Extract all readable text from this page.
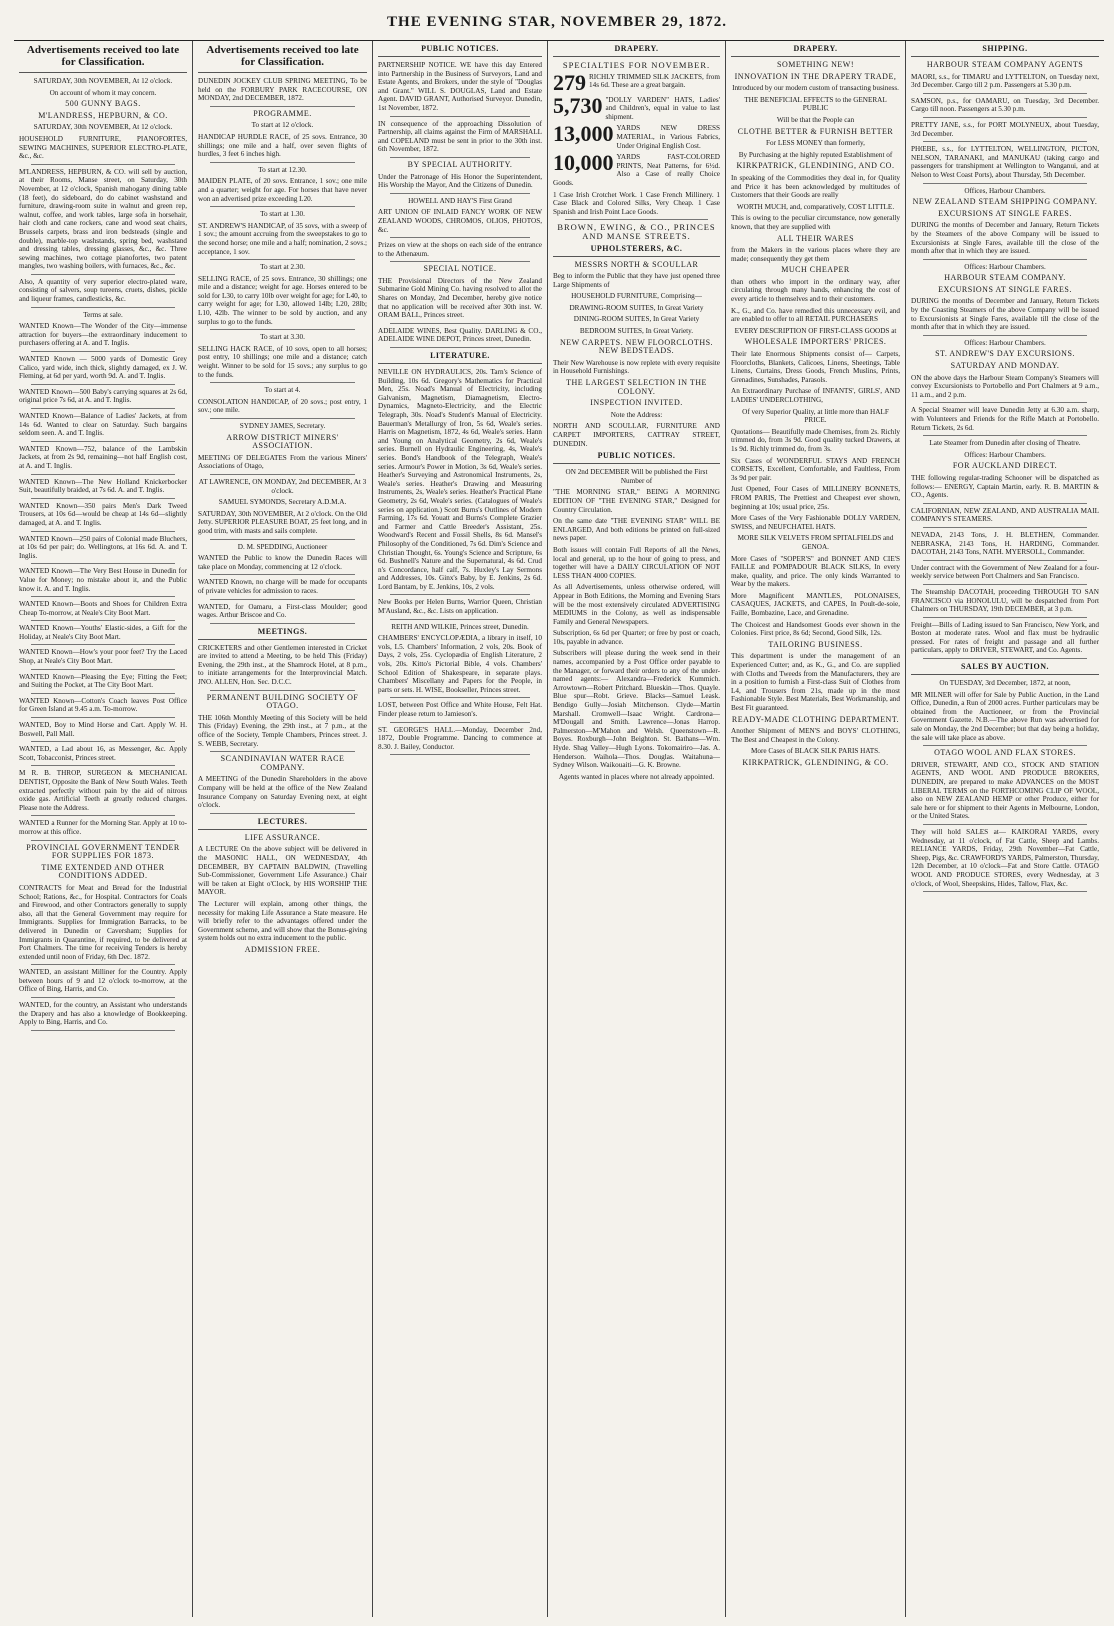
THE EVENING STAR, NOVEMBER 29, 1872.
Advertisements received too late for Classification.
SATURDAY, 30th NOVEMBER, At 12 o'clock.
On account of whom it may concern.
500 GUNNY BAGS.
M'LANDRESS, HEPBURN, & CO.
SATURDAY, 30th NOVEMBER, At 12 o'clock.
HOUSEHOLD FURNITURE, PIANOFORTES, SEWING MACHINES, SUPERIOR ELECTRO-PLATE, &c., &c.
M'LANDRESS, HEPBURN, & CO. will sell by auction, at their Rooms, Manse street, on Saturday, 30th November, at 12 o'clock, Spanish mahogany dining table (18 feet), do sideboard, do do cabinet washstand and furniture, drawing-room suite in walnut and green rep, walnut, coffee, and work tables, large sofa in horsehair, hair cloth and cane rockers, cane and wood seat chairs, Brussels carpets, brass and iron bedsteads (single and double), marble-top washstands, spring bed, washstand and dressing tables, dressing glasses, &c., &c. Three sewing machines, two cottage pianofortes, two patent mangles, two washing boilers, with furnaces, &c., &c.
Also, A quantity of very superior electro-plated ware, consisting of salvers, soup tureens, cruets, dishes, pickle and liqueur frames, candlesticks, &c.
Terms at sale.
WANTED Known—The Wonder of the City—immense attraction for buyers—the extraordinary inducement to purchasers offering at A. and T. Inglis.
WANTED Known — 5000 yards of Domestic Grey Calico, yard wide, inch thick, slightly damaged, ex J. W. Fleming, at 6d per yard, worth 9d. A. and T. Inglis.
WANTED Known—500 Baby's carrying squares at 2s 6d, original price 7s 6d, at A. and T. Inglis.
WANTED Known—Balance of Ladies' Jackets, at from 14s 6d. Wanted to clear on Saturday. Such bargains seldom seen. A. and T. Inglis.
WANTED Known—752, balance of the Lambskin Jackets, at from 2s 9d, remaining—not half English cost, at A. and T. Inglis.
WANTED Known—The New Holland Knickerbocker Suit, beautifully braided, at 7s 6d. A. and T. Inglis.
WANTED Known—350 pairs Men's Dark Tweed Trousers, at 10s 6d—would be cheap at 14s 6d—slightly damaged, at A. and T. Inglis.
WANTED Known—250 pairs of Colonial made Bluchers, at 10s 6d per pair; do. Wellingtons, at 16s 6d. A. and T. Inglis.
WANTED Known—The Very Best House in Dunedin for Value for Money; no mistake about it, and the Public know it. A. and T. Inglis.
WANTED Known—Boots and Shoes for Children Extra Cheap To-morrow, at Neale's City Boot Mart.
WANTED Known—Youths' Elastic-sides, a Gift for the Holiday, at Neale's City Boot Mart.
WANTED Known—How's your poor feet? Try the Laced Shop, at Neale's City Boot Mart.
WANTED Known—Pleasing the Eye; Fitting the Feet; and Suiting the Pocket, at The City Boot Mart.
WANTED Known—Cotton's Coach leaves Post Office for Green Island at 9.45 a.m. To-morrow.
WANTED, Boy to Mind Horse and Cart. Apply W. H. Boswell, Pall Mall.
WANTED, a Lad about 16, as Messenger, &c. Apply Scott, Tobacconist, Princes street.
M R. B. THROP, SURGEON & MECHANICAL DENTIST, Opposite the Bank of New South Wales. Teeth extracted perfectly without pain by the aid of nitrous oxide gas. Artificial Teeth at greatly reduced charges. Please note the Address.
WANTED a Runner for the Morning Star. Apply at 10 to-morrow at this office.
PROVINCIAL GOVERNMENT TENDER FOR SUPPLIES FOR 1873.
TIME EXTENDED AND OTHER CONDITIONS ADDED.
CONTRACTS for Meat and Bread for the Industrial School; Rations, &c., for Hospital. Contractors for Coals and Firewood, and other Contractors generally to supply also, all that the General Government may require for Immigrants. Supplies for Immigration Barracks, to be delivered in Dunedin or Caversham; Supplies for Immigrants in Quarantine, if required, to be delivered at Port Chalmers. The time for receiving Tenders is hereby extended until noon of Friday, 6th Dec. 1872.
WANTED, an assistant Milliner for the Country. Apply between hours of 9 and 12 o'clock to-morrow, at the Office of Bing, Harris, and Co.
WANTED, for the country, an Assistant who understands the Drapery and has also a knowledge of Bookkeeping. Apply to Bing, Harris, and Co.
Advertisements received too late for Classification.
DUNEDIN JOCKEY CLUB SPRING MEETING, To be held on the FORBURY PARK RACECOURSE, ON MONDAY, 2nd DECEMBER, 1872.
PROGRAMME.
To start at 12 o'clock.
HANDICAP HURDLE RACE, of 25 sovs. Entrance, 30 shillings; one mile and a half, over seven flights of hurdles, 3 feet 6 inches high.
To start at 12.30.
MAIDEN PLATE, of 20 sovs. Entrance, 1 sov.; one mile and a quarter; weight for age. For horses that have never won an advertised prize exceeding L20.
To start at 1.30.
ST. ANDREW'S HANDICAP, of 35 sovs, with a sweep of 1 sov.; the amount accruing from the sweepstakes to go to the second horse; one mile and a half; nomination, 2 sovs.; acceptance, 1 sov.
To start at 2.30.
SELLING RACE, of 25 sovs. Entrance, 30 shillings; one mile and a distance; weight for age. Horses entered to be sold for L30, to carry 10lb over weight for age; for L40, to carry weight for age; for L30, allowed 14lb; L20, 28lb; L10, 42lb. The winner to be sold by auction, and any surplus to go to the funds.
To start at 3.30.
SELLING HACK RACE, of 10 sovs, open to all horses; post entry, 10 shillings; one mile and a distance; catch weight. Winner to be sold for 15 sovs.; any surplus to go to the funds.
To start at 4.
CONSOLATION HANDICAP, of 20 sovs.; post entry, 1 sov.; one mile.
SYDNEY JAMES, Secretary.
ARROW DISTRICT MINERS' ASSOCIATION.
MEETING OF DELEGATES From the various Miners' Associations of Otago,
AT LAWRENCE, ON MONDAY, 2nd DECEMBER, At 3 o'clock.
SAMUEL SYMONDS, Secretary A.D.M.A.
SATURDAY, 30th NOVEMBER, At 2 o'clock. On the Old Jetty. SUPERIOR PLEASURE BOAT, 25 feet long, and in good trim, with masts and sails complete.
D. M. SPEDDING, Auctioneer
WANTED the Public to know the Dunedin Races will take place on Monday, commencing at 12 o'clock.
WANTED Known, no charge will be made for occupants of private vehicles for admission to races.
WANTED, for Oamaru, a First-class Moulder; good wages. Arthur Briscoe and Co.
MEETINGS.
CRICKETERS and other Gentlemen interested in Cricket are invited to attend a Meeting, to be held This (Friday) Evening, the 29th inst., at the Shamrock Hotel, at 8 p.m., to initiate arrangements for the Interprovincial Match. JNO. ALLEN, Hon. Sec. D.C.C.
PERMANENT BUILDING SOCIETY OF OTAGO.
THE 106th Monthly Meeting of this Society will be held This (Friday) Evening, the 29th inst., at 7 p.m., at the office of the Society, Temple Chambers, Princes street. J. S. WEBB, Secretary.
SCANDINAVIAN WATER RACE COMPANY.
A MEETING of the Dunedin Shareholders in the above Company will be held at the office of the New Zealand Insurance Company on Saturday Evening next, at eight o'clock.
LECTURES.
LIFE ASSURANCE.
A LECTURE On the above subject will be delivered in the MASONIC HALL, ON WEDNESDAY, 4th DECEMBER, BY CAPTAIN BALDWIN, (Travelling Sub-Commissioner, Government Life Assurance.) Chair will be taken at Eight o'Clock, by HIS WORSHIP THE MAYOR.
The Lecturer will explain, among other things, the necessity for making Life Assurance a State measure. He will briefly refer to the advantages offered under the Government scheme, and will show that the Bonus-giving system holds out no extra inducement to the public.
ADMISSION FREE.
PUBLIC NOTICES.
PARTNERSHIP NOTICE. WE have this day Entered into Partnership in the Business of Surveyors, Land and Estate Agents, and Brokers, under the style of "Douglas and Grant." WILL S. DOUGLAS, Land and Estate Agent. DAVID GRANT, Authorised Surveyor. Dunedin, 1st November, 1872.
IN consequence of the approaching Dissolution of Partnership, all claims against the Firm of MARSHALL and COPELAND must be sent in prior to the 30th inst. 6th November, 1872.
BY SPECIAL AUTHORITY.
Under the Patronage of His Honor the Superintendent, His Worship the Mayor, And the Citizens of Dunedin.
HOWELL AND HAY'S First Grand
ART UNION OF INLAID FANCY WORK OF NEW ZEALAND WOODS, CHROMOS, OLIOS, PHOTOS, &c.
Prizes on view at the shops on each side of the entrance to the Athenæum.
SPECIAL NOTICE.
THE Provisional Directors of the New Zealand Submarine Gold Mining Co. having resolved to allot the Shares on Monday, 2nd December, hereby give notice that no application will be received after 30th inst. W. ORAM BALL, Princes street.
ADELAIDE WINES, Best Quality. DARLING & CO., ADELAIDE WINE DEPOT, Princes street, Dunedin.
LITERATURE.
NEVILLE ON HYDRAULICS, 20s. Tarn's Science of Building, 10s 6d. Gregory's Mathematics for Practical Men, 25s. Noad's Manual of Electricity, including Galvanism, Magnetism, Diamagnetism, Electro-Dynamics, Magneto-Electricity, and the Electric Telegraph, 30s. Noad's Student's Manual of Electricity. Bauerman's Metallurgy of Iron, 5s 6d, Weale's series. Harris on Magnetism, 1872, 4s 6d, Weale's series. Hann and Young on Analytical Geometry, 2s 6d, Weale's series. Burnell on Hydraulic Engineering, 4s, Weale's series. Bond's Handbook of the Telegraph, Weale's series. Armour's Power in Motion, 3s 6d, Weale's series. Heather's Surveying and Astronomical Instruments, 2s, Weale's series. Heather's Drawing and Measuring Instruments, 2s, Weale's series. Heather's Practical Plane Geometry, 2s 6d, Weale's series. (Catalogues of Weale's series on application.) Scott Burns's Outlines of Modern Farming, 17s 6d. Youatt and Burns's Complete Grazier and Farmer and Cattle Breeder's Assistant, 25s. Woodward's Recent and Fossil Shells, 8s 6d. Mansel's Philosophy of the Conditioned, 7s 6d. Dim's Science and Christian Thought, 6s. Young's Science and Scripture, 6s 6d. Bushnell's Nature and the Supernatural, 4s 6d. Crud n's Concordance, half calf, 7s. Huxley's Lay Sermons and Addresses, 10s. Ginx's Baby, by E. Jenkins, 2s 6d. Lord Bantam, by E. Jenkins, 10s, 2 vols.
New Books per Helen Burns, Warrior Queen, Christian M'Ausland, &c., &c. Lists on application.
REITH AND WILKIE, Princes street, Dunedin.
CHAMBERS' ENCYCLOPÆDIA, a library in itself, 10 vols, L5. Chambers' Information, 2 vols, 20s. Book of Days, 2 vols, 25s. Cyclopædia of English Literature, 2 vols, 20s. Kitto's Pictorial Bible, 4 vols. Chambers' School Edition of Shakespeare, in separate plays. Chambers' Miscellany and Papers for the People, in parts or sets. H. WISE, Bookseller, Princes street.
LOST, between Post Office and White House, Felt Hat. Finder please return to Jamieson's.
ST. GEORGE'S HALL.—Monday, December 2nd, 1872, Double Programme. Dancing to commence at 8.30. J. Bailey, Conductor.
DRAPERY.
SPECIALTIES FOR NOVEMBER.
279 RICHLY TRIMMED SILK JACKETS, from 14s 6d. These are a great bargain.
5,730 "DOLLY VARDEN" HATS, Ladies' and Children's, equal in value to last shipment.
13,000 YARDS NEW DRESS MATERIAL, in Various Fabrics, Under Original English Cost.
10,000 YARDS FAST-COLORED PRINTS, Neat Patterns, for 6½d. Also a Case of really Choice Goods.
1 Case Irish Crotchet Work. 1 Case French Millinery. 1 Case Black and Colored Silks, Very Cheap. 1 Case Spanish and Irish Point Lace Goods.
BROWN, EWING, & CO., PRINCES AND MANSE STREETS.
UPHOLSTERERS, &C.
MESSRS NORTH & SCOULLAR
Beg to inform the Public that they have just opened three Large Shipments of
HOUSEHOLD FURNITURE, Comprising—
DRAWING-ROOM SUITES, In Great Variety
DINING-ROOM SUITES, In Great Variety
BEDROOM SUITES, In Great Variety.
NEW CARPETS. NEW FLOORCLOTHS. NEW BEDSTEADS.
Their New Warehouse is now replete with every requisite in Household Furnishings.
THE LARGEST SELECTION IN THE COLONY.
INSPECTION INVITED.
Note the Address:
NORTH AND SCOULLAR, FURNITURE AND CARPET IMPORTERS, CATTRAY STREET, DUNEDIN.
PUBLIC NOTICES.
ON 2nd DECEMBER Will be published the First Number of
"THE MORNING STAR," BEING A MORNING EDITION OF "THE EVENING STAR," Designed for Country Circulation.
On the same date "THE EVENING STAR" WILL BE ENLARGED, And both editions be printed on full-sized news paper.
Both issues will contain Full Reports of all the News, local and general, up to the hour of going to press, and together will have a DAILY CIRCULATION OF NOT LESS THAN 4000 COPIES.
As all Advertisements, unless otherwise ordered, will Appear in Both Editions, the Morning and Evening Stars will be the most extensively circulated ADVERTISING MEDIUMS in the Colony, as well as indispensable Family and General Newspapers.
Subscription, 6s 6d per Quarter; or free by post or coach, 10s, payable in advance.
Subscribers will please during the week send in their names, accompanied by a Post Office order payable to the Manager, or forward their orders to any of the under-named agents:— Alexandra—Frederick Kummich. Arrowtown—Robert Pritchard. Blueskin—Thos. Quayle. Blue spur—Robt. Grieve. Blacks—Samuel Leask. Bendigo Gully—Josiah Mitchenson. Clyde—Martin Marshall. Cromwell—Isaac Wright. Cardrona—M'Dougall and Smith. Lawrence—Jonas Harrop. Palmerston—M'Mahon and Welsh. Queenstown—R. Boyes. Roxburgh—John Beighton. St. Bathans—Wm. Hyde. Shag Valley—Hugh Lyons. Tokomairiro—Jas. A. Henderson. Waihola—Thos. Douglas. Waitahuna—Sydney Wilson. Waikouaiti—G. K. Browne.
Agents wanted in places where not already appointed.
DRAPERY.
SOMETHING NEW!
INNOVATION IN THE DRAPERY TRADE,
Introduced by our modern custom of transacting business.
THE BENEFICIAL EFFECTS to the GENERAL PUBLIC
Will be that the People can
CLOTHE BETTER & FURNISH BETTER
For LESS MONEY than formerly,
By Purchasing at the highly reputed Establishment of
KIRKPATRICK, GLENDINING, AND CO.
In speaking of the Commodities they deal in, for Quality and Price it has been acknowledged by multitudes of Customers that their Goods are really
WORTH MUCH, and, comparatively, COST LITTLE.
This is owing to the peculiar circumstance, now generally known, that they are supplied with
ALL THEIR WARES
from the Makers in the various places where they are made; consequently they get them
MUCH CHEAPER
than others who import in the ordinary way, after circulating through many hands, enhancing the cost of every article to themselves and to their customers.
K., G., and Co. have remedied this unnecessary evil, and are enabled to offer to all RETAIL PURCHASERS
EVERY DESCRIPTION OF FIRST-CLASS GOODS at
WHOLESALE IMPORTERS' PRICES.
Their late Enormous Shipments consist of— Carpets, Floorcloths, Blankets, Calicoes, Linens, Sheetings, Table Linens, Curtains, Dress Goods, French Muslins, Prints, Grenadines, Sunshades, Parasols.
An Extraordinary Purchase of INFANTS', GIRLS', AND LADIES' UNDERCLOTHING,
Of very Superior Quality, at little more than HALF PRICE.
Quotations— Beautifully made Chemises, from 2s. Richly trimmed do, from 3s 9d. Good quality tucked Drawers, at 1s 9d. Richly trimmed do, from 3s.
Six Cases of WONDERFUL STAYS AND FRENCH CORSETS, Excellent, Comfortable, and Faultless, From 3s 9d per pair.
Just Opened, Four Cases of MILLINERY BONNETS, FROM PARIS, The Prettiest and Cheapest ever shown, beginning at 10s; usual price, 25s.
More Cases of the Very Fashionable DOLLY VARDEN, SWISS, and NEUFCHATEL HATS.
MORE SILK VELVETS FROM SPITALFIELDS and GENOA.
More Cases of "SOPER'S" and BONNET AND CIE'S FAILLE and POMPADOUR BLACK SILKS, In every make, quality, and price. The only kinds Warranted to Wear by the makers.
More Magnificent MANTLES, POLONAISES, CASAQUES, JACKETS, and CAPES, In Poult-de-soie, Faille, Bombazine, Lace, and Grenadine.
The Choicest and Handsomest Goods ever shown in the Colonies. First price, 8s 6d; Second, Good Silk, 12s.
TAILORING BUSINESS.
This department is under the management of an Experienced Cutter; and, as K., G., and Co. are supplied with Cloths and Tweeds from the Manufacturers, they are in a position to furnish a First-class Suit of Clothes from L4, and Trousers from 21s, made up in the most Fashionable Style. Best Materials, Best Workmanship, and Best Fit guaranteed.
READY-MADE CLOTHING DEPARTMENT.
Another Shipment of MEN'S and BOYS' CLOTHING, The Best and Cheapest in the Colony.
More Cases of BLACK SILK PARIS HATS.
KIRKPATRICK, GLENDINING, & CO.
SHIPPING.
HARBOUR STEAM COMPANY AGENTS
MAORI, s.s., for TIMARU and LYTTELTON, on Tuesday next, 3rd December. Cargo till 2 p.m. Passengers at 5.30 p.m.
SAMSON, p.s., for OAMARU, on Tuesday, 3rd December. Cargo till noon. Passengers at 5.30 p.m.
PRETTY JANE, s.s., for PORT MOLYNEUX, about Tuesday, 3rd December.
PHŒBE, s.s., for LYTTELTON, WELLINGTON, PICTON, NELSON, TARANAKI, and MANUKAU (taking cargo and passengers for transhipment at Wellington to Wanganui, and at Nelson to West Coast Ports), about Thursday, 5th December.
Offices, Harbour Chambers.
NEW ZEALAND STEAM SHIPPING COMPANY.
EXCURSIONS AT SINGLE FARES.
DURING the months of December and January, Return Tickets by the Steamers of the above Company will be issued to Excursionists at Single Fares, available till the close of the month after that in which they are issued.
Offices: Harbour Chambers.
HARBOUR STEAM COMPANY.
EXCURSIONS AT SINGLE FARES.
DURING the months of December and January, Return Tickets by the Coasting Steamers of the above Company will be issued to Excursionists at Single Fares, available till the close of the month after that in which they are issued.
Offices: Harbour Chambers.
ST. ANDREW'S DAY EXCURSIONS.
SATURDAY AND MONDAY.
ON the above days the Harbour Steam Company's Steamers will convey Excursionists to Portobello and Port Chalmers at 9 a.m., 11 a.m., and 2 p.m.
A Special Steamer will leave Dunedin Jetty at 6.30 a.m. sharp, with Volunteers and Friends for the Rifle Match at Portobello. Return Tickets, 2s 6d.
Late Steamer from Dunedin after closing of Theatre.
Offices: Harbour Chambers.
FOR AUCKLAND DIRECT.
THE following regular-trading Schooner will be dispatched as follows:— ENERGY, Captain Martin, early. R. B. MARTIN & CO., Agents.
CALIFORNIAN, NEW ZEALAND, AND AUSTRALIA MAIL COMPANY'S STEAMERS.
NEVADA, 2143 Tons, J. H. BLETHEN, Commander. NEBRASKA, 2143 Tons, H. HARDING, Commander. DACOTAH, 2143 Tons, NATH. MYERSOLL, Commander.
Under contract with the Government of New Zealand for a four-weekly service between Port Chalmers and San Francisco.
The Steamship DACOTAH, proceeding THROUGH TO SAN FRANCISCO via HONOLULU, will be despatched from Port Chalmers on THURSDAY, 19th DECEMBER, at 3 p.m.
Freight—Bills of Lading issued to San Francisco, New York, and Boston at moderate rates. Wool and flax must be hydraulic pressed. For rates of freight and passage and all further particulars, apply to DRIVER, STEWART, and Co. Agents.
SALES BY AUCTION.
On TUESDAY, 3rd December, 1872, at noon,
MR MILNER will offer for Sale by Public Auction, in the Land Office, Dunedin, a Run of 2000 acres. Further particulars may be obtained from the Auctioneer, or from the Provincial Government Gazette. N.B.—The above Run was advertised for sale on Monday, the 2nd December; but that day being a holiday, the sale will take place as above.
OTAGO WOOL AND FLAX STORES.
DRIVER, STEWART, AND CO., STOCK AND STATION AGENTS, AND WOOL AND PRODUCE BROKERS, DUNEDIN, are prepared to make ADVANCES on the MOST LIBERAL TERMS on the FORTHCOMING CLIP OF WOOL, also on NEW ZEALAND HEMP or other Produce, either for sale here or for shipment to their Agents in Melbourne, London, or the United States.
They will hold SALES at— KAIKORAI YARDS, every Wednesday, at 11 o'clock, of Fat Cattle, Sheep and Lambs. RELIANCE YARDS, Friday, 29th November—Fat Cattle, Sheep, Pigs, &c. CRAWFORD'S YARDS, Palmerston, Thursday, 12th December, at 10 o'clock—Fat and Store Cattle. OTAGO WOOL AND PRODUCE STORES, every Wednesday, at 3 o'clock, of Wool, Sheepskins, Hides, Tallow, Flax, &c.
